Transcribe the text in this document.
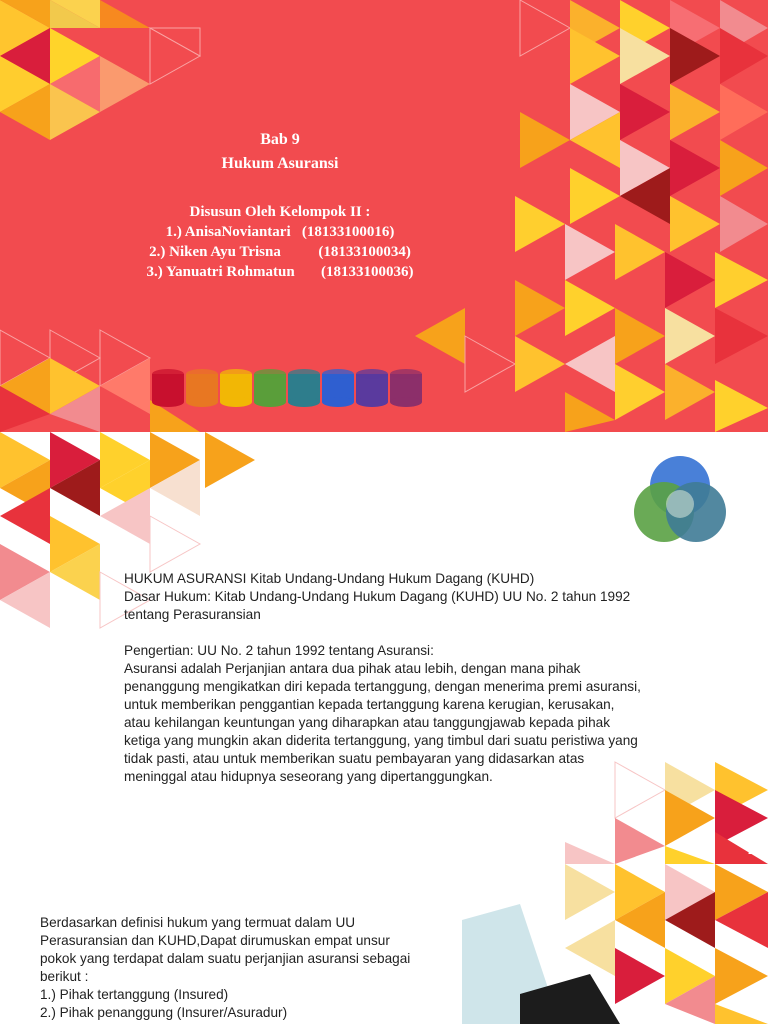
Bab 9
Hukum Asuransi
Disusun Oleh Kelompok II :
1.) AnisaNoviantari
(18133100016)
2.) Niken Ayu Trisna
	(18133100034)
3.) Yanuatri Rohmatun
(18133100036)

HUKUM ASURANSI Kitab Undang-Undang Hukum Dagang (KUHD)

Dasar Hukum: Kitab Undang-Undang Hukum Dagang (KUHD) UU No. 2 tahun 1992 tentang Perasuransian

Pengertian: UU No. 2 tahun 1992 tentang Asuransi:

Asuransi adalah Perjanjian antara dua pihak atau lebih, dengan mana pihak penanggung mengikatkan diri kepada tertanggung, dengan menerima premi asuransi, untuk memberikan penggantian kepada tertanggung karena kerugian, kerusakan, atau kehilangan keuntungan yang diharapkan atau tanggungjawab kepada pihak ketiga yang mungkin akan diderita tertanggung, yang timbul dari suatu peristiwa yang tidak pasti, atau untuk memberikan suatu pembayaran yang didasarkan atas meninggal atau hidupnya seseorang yang dipertanggungkan.

2

Berdasarkan definisi hukum yang termuat dalam UU Perasuransian dan KUHD,Dapat dirumuskan empat unsur pokok yang terdapat dalam suatu perjanjian asuransi sebagai berikut :

1.) Pihak tertanggung (Insured)

2.) Pihak penanggung (Insurer/Asuradur)
